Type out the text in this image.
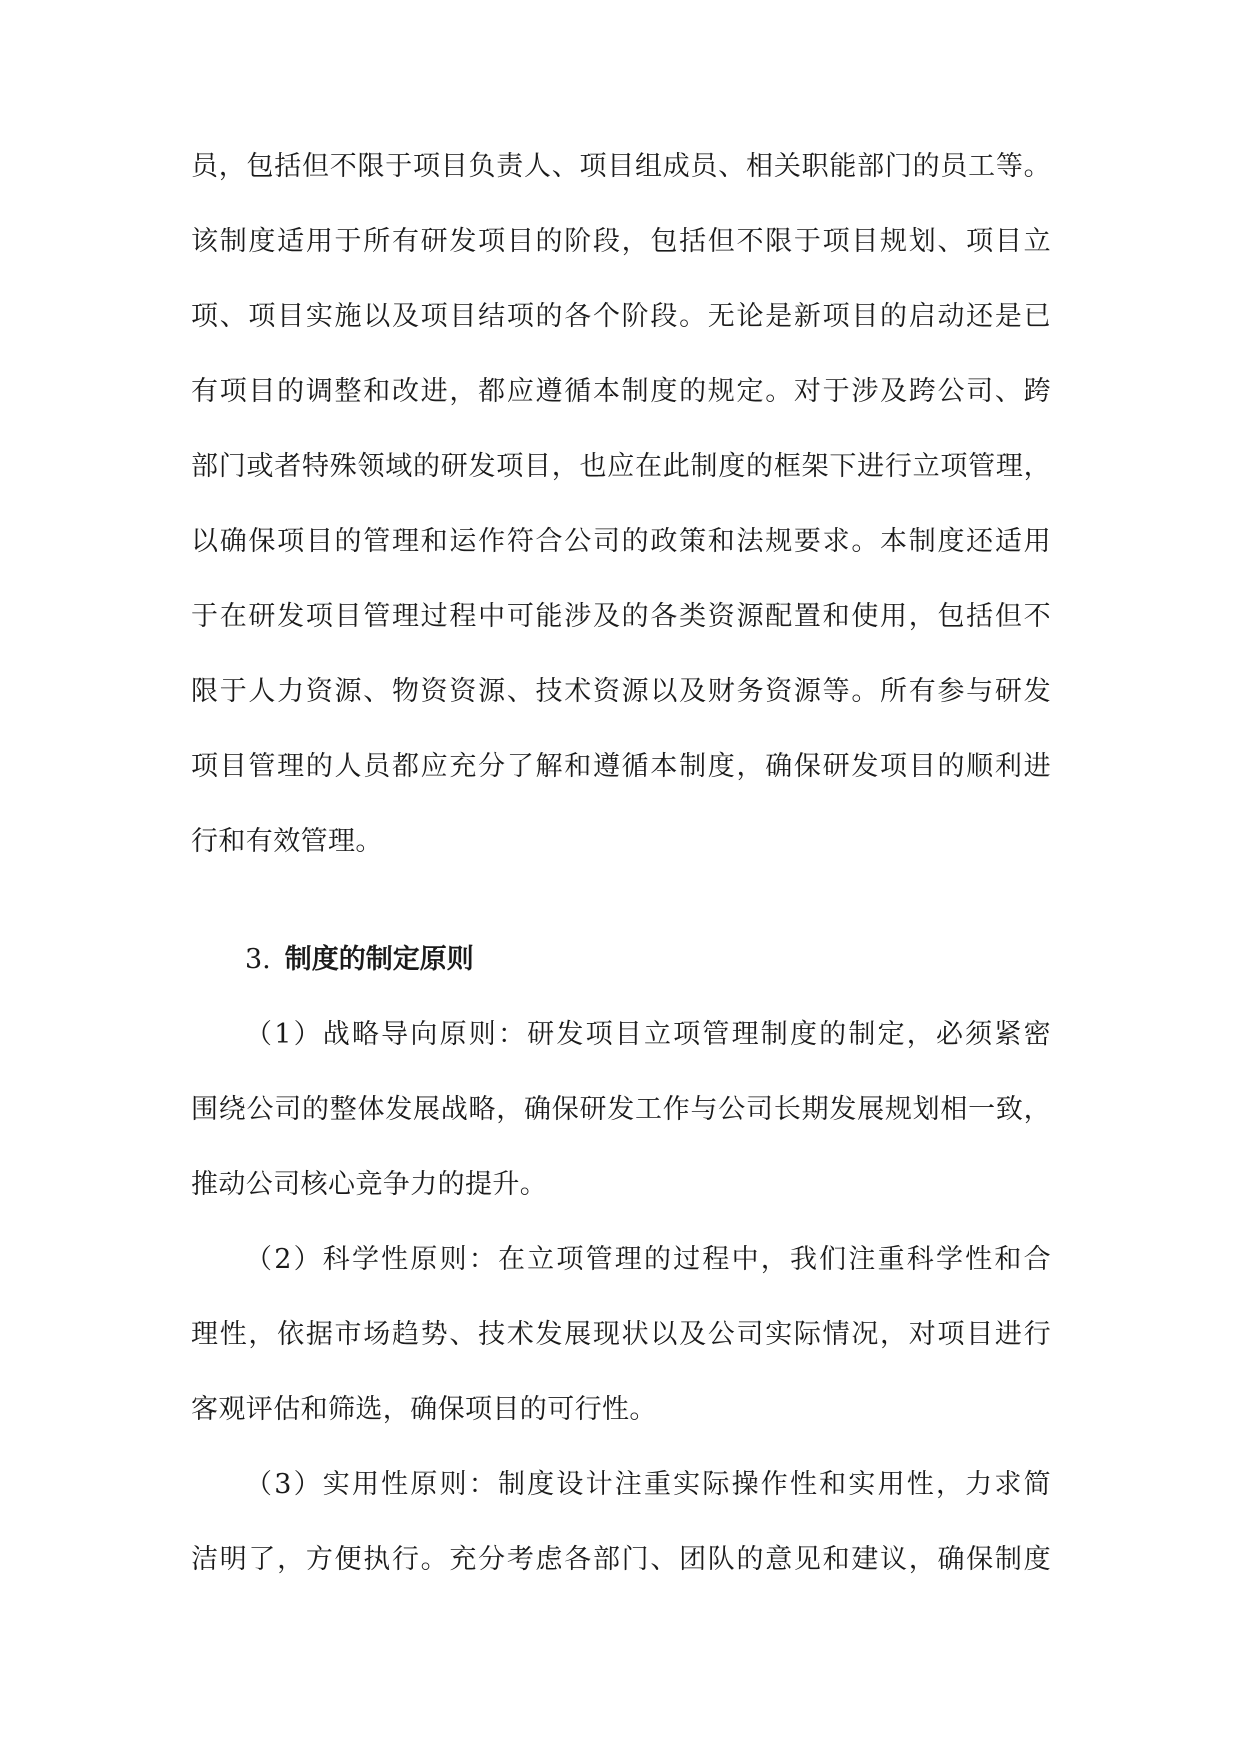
员，包括但不限于项目负责人、项目组成员、相关职能部门的员工等。
该制度适用于所有研发项目的阶段，包括但不限于项目规划、项目立
项、项目实施以及项目结项的各个阶段。无论是新项目的启动还是已
有项目的调整和改进，都应遵循本制度的规定。对于涉及跨公司、跨
部门或者特殊领域的研发项目，也应在此制度的框架下进行立项管理，
以确保项目的管理和运作符合公司的政策和法规要求。本制度还适用
于在研发项目管理过程中可能涉及的各类资源配置和使用，包括但不
限于人力资源、物资资源、技术资源以及财务资源等。所有参与研发
项目管理的人员都应充分了解和遵循本制度，确保研发项目的顺利进
行和有效管理。
3. 制度的制定原则
（1）战略导向原则：研发项目立项管理制度的制定，必须紧密
围绕公司的整体发展战略，确保研发工作与公司长期发展规划相一致，
推动公司核心竞争力的提升。
（2）科学性原则：在立项管理的过程中，我们注重科学性和合
理性，依据市场趋势、技术发展现状以及公司实际情况，对项目进行
客观评估和筛选，确保项目的可行性。
（3）实用性原则：制度设计注重实际操作性和实用性，力求简
洁明了，方便执行。充分考虑各部门、团队的意见和建议，确保制度
